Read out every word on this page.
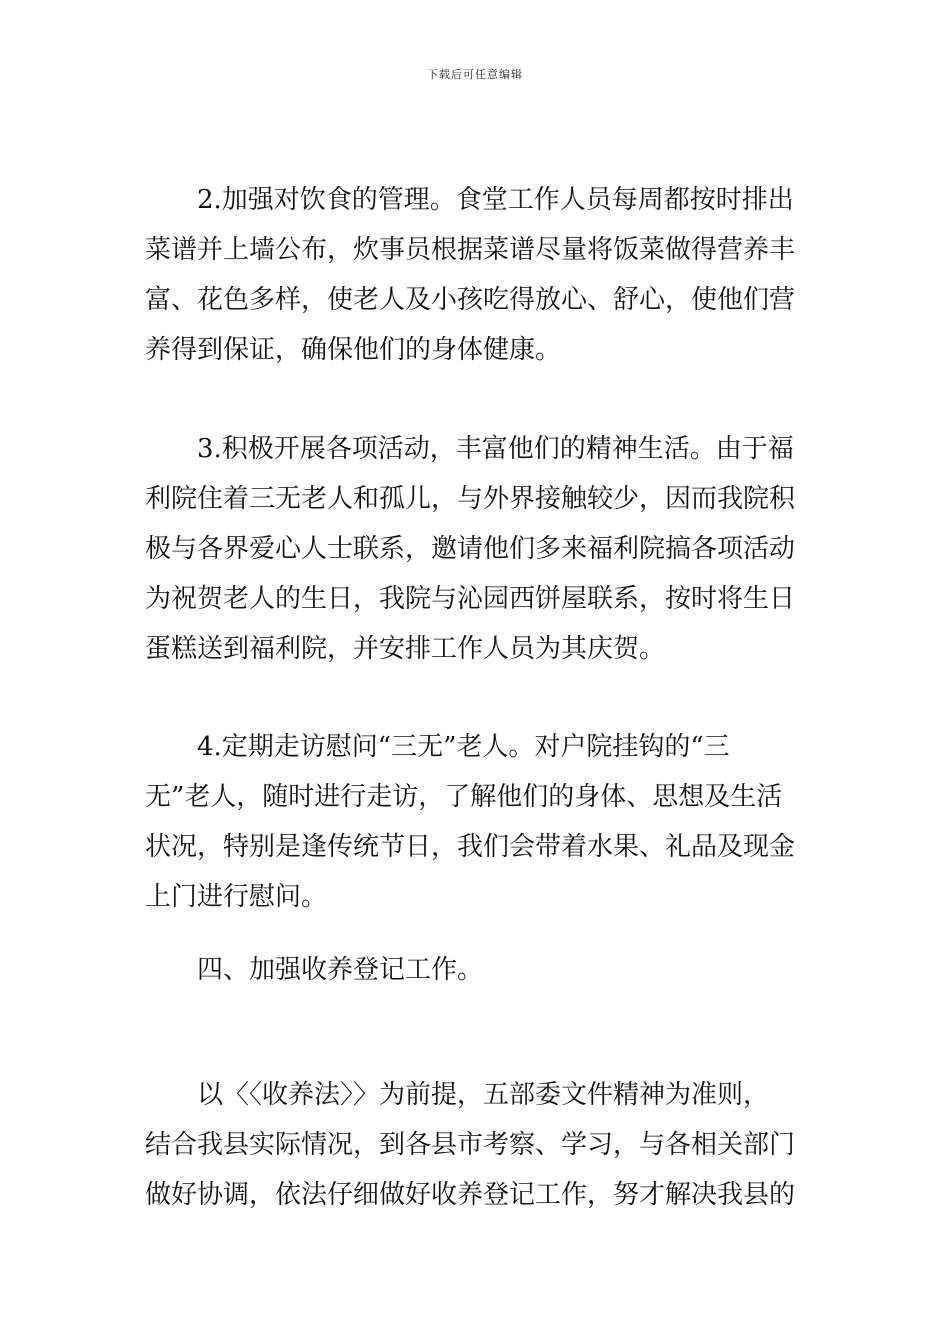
下载后可任意编辑
2.加强对饮食的管理。食堂工作人员每周都按时排出
菜谱并上墙公布，炊事员根据菜谱尽量将饭菜做得营养丰
富、花色多样，使老人及小孩吃得放心、舒心，使他们营
养得到保证，确保他们的身体健康。
3.积极开展各项活动，丰富他们的精神生活。由于福
利院住着三无老人和孤儿，与外界接触较少，因而我院积
极与各界爱心人士联系，邀请他们多来福利院搞各项活动
为祝贺老人的生日，我院与沁园西饼屋联系，按时将生日
蛋糕送到福利院，并安排工作人员为其庆贺。
4.定期走访慰问“三无”老人。对户院挂钩的“三
无”老人，随时进行走访，了解他们的身体、思想及生活
状况，特别是逢传统节日，我们会带着水果、礼品及现金
上门进行慰问。
四、加强收养登记工作。
以〈〈收养法〉〉为前提，五部委文件精神为准则，
结合我县实际情况，到各县市考察、学习，与各相关部门
做好协调，依法仔细做好收养登记工作，努才解决我县的
